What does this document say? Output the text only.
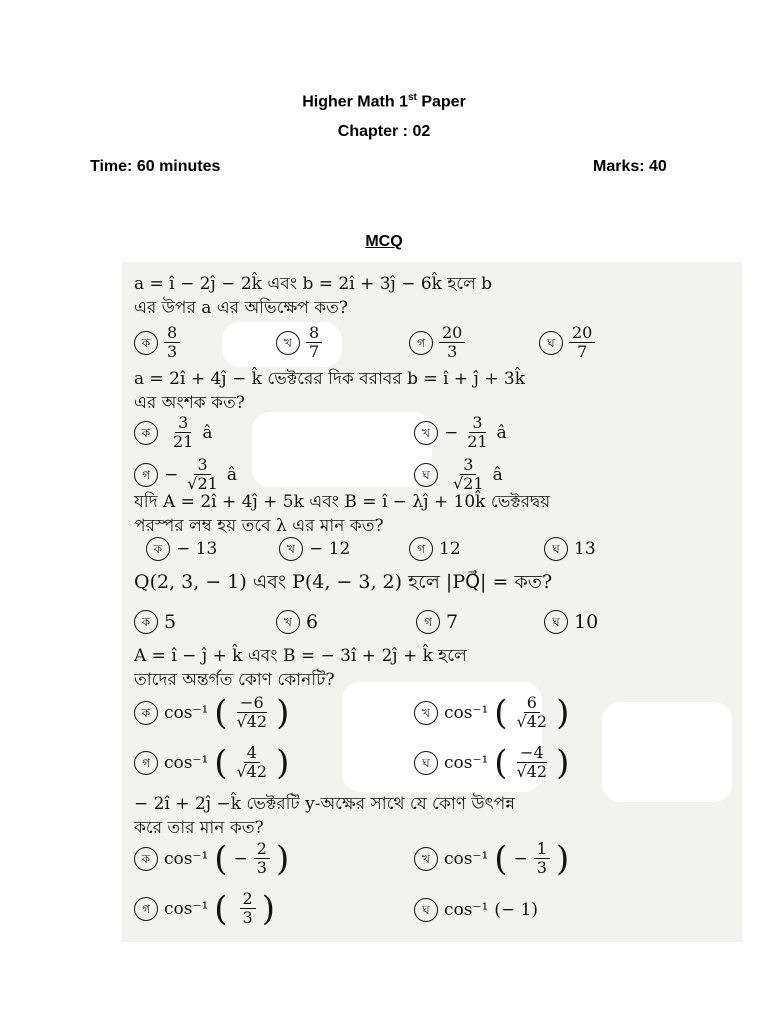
Higher Math 1st Paper
Chapter : 02
Time: 60 minutes	Marks: 40
MCQ
a = î − 2ĵ − 2k̂ এবং b = 2î + 3ĵ − 6k̂ হলে b
এর উপর a এর অভিক্ষেপ কত?
ক $\frac{8}{3}$	খ $\frac{8}{7}$	গ $\frac{20}{3}$	ঘ $\frac{20}{7}$
a = 2î + 4ĵ − k̂ ভেক্টরের দিক বরাবর b = î + ĵ + 3k̂
এর অংশক কত?
ক	$\frac{3}{21}$ â	খ − $\frac{3}{21}$ â
গ − $\frac{3}{√21}$ â	ঘ	$\frac{3}{√21}$ â
যদি A = 2î + 4ĵ + 5k এবং B = î − λĵ + 10k̂ ভেক্টরদ্বয়
পরস্পর লম্ব হয় তবে λ এর মান কত?
ক − 13	খ − 12	গ 12	ঘ 13
Q(2, 3, − 1) এবং P(4, − 3, 2) হলে |PQ⃗| = কত?
ক 5	খ 6	গ 7	ঘ 10
A = î − ĵ + k̂ এবং B = − 3î + 2ĵ + k̂ হলে
তাদের অন্তর্গত কোণ কোনটি?
ক cos⁻¹ ( $\frac{-6}{√42}$ )	খ cos⁻¹ ( $\frac{6}{√42}$ )
গ cos⁻¹ ( $\frac{4}{√42}$ )	ঘ cos⁻¹ ( $\frac{-4}{√42}$ )
− 2î + 2ĵ −k̂ ভেক্টরটি y-অক্ষের সাথে যে কোণ উৎপন্ন
করে তার মান কত?
ক cos⁻¹ ( − $\frac{2}{3}$ )	খ cos⁻¹ ( − $\frac{1}{3}$ )
গ cos⁻¹ ( $\frac{2}{3}$ )	ঘ cos⁻¹ (− 1)
